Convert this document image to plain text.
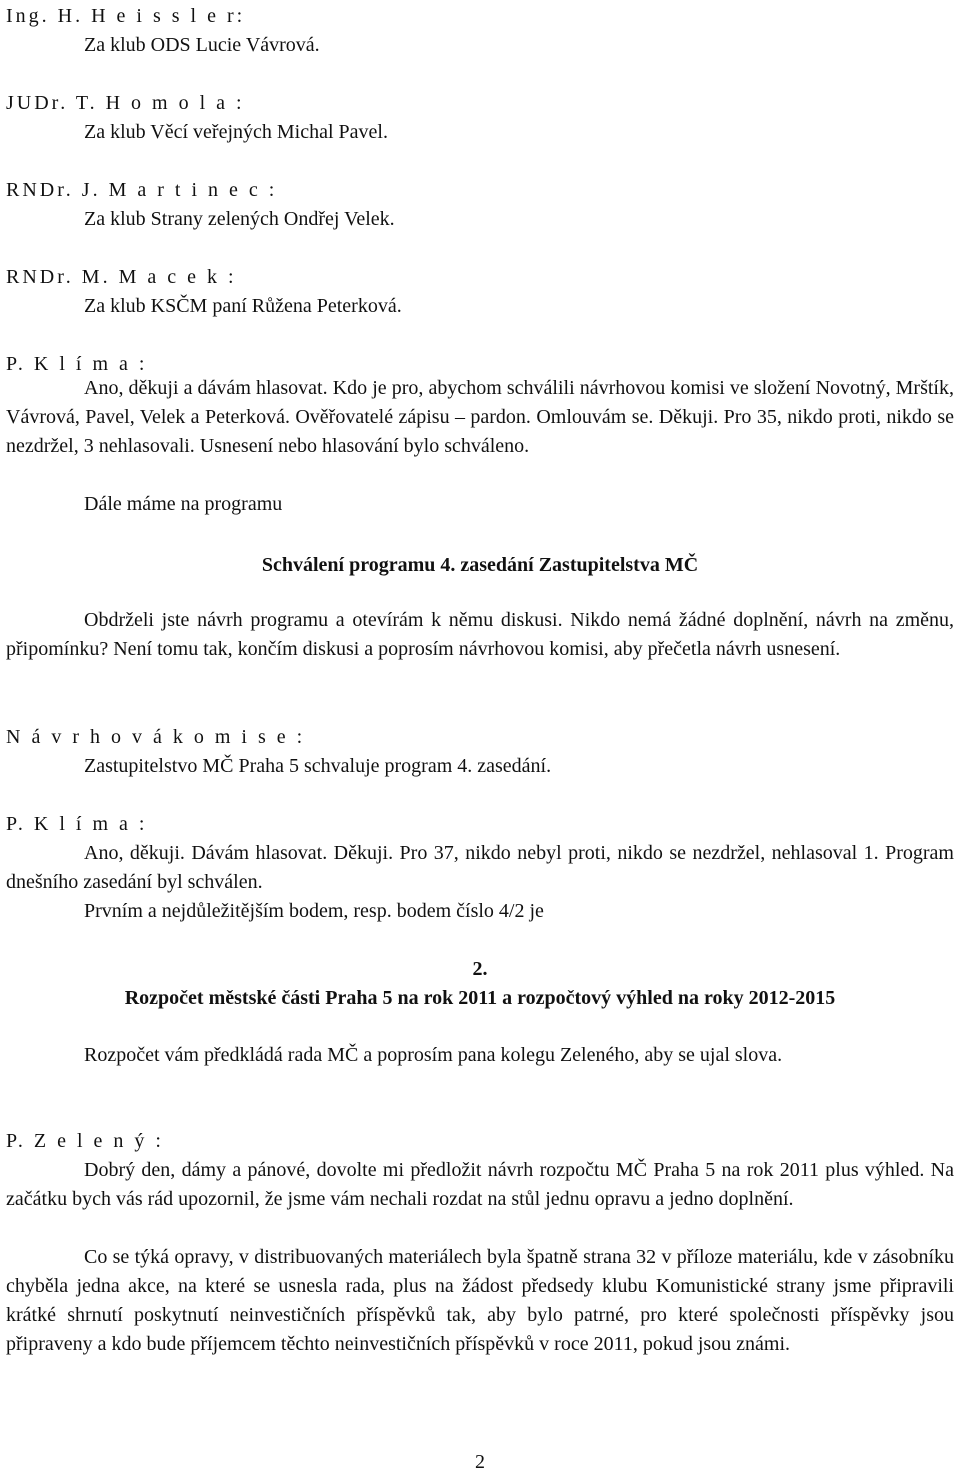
Ing. H. H e i s s l e r:
Za klub ODS Lucie Vávrová.
JUDr. T. H o m o l a :
Za klub Věcí veřejných Michal Pavel.
RNDr. J. M a r t i n e c :
Za klub Strany zelených Ondřej Velek.
RNDr. M. M a c e k :
Za klub KSČM paní Růžena Peterková.
P. K l í m a :
Ano, děkuji a dávám hlasovat. Kdo je pro, abychom schválili návrhovou komisi ve složení Novotný, Mrštík, Vávrová, Pavel, Velek a Peterková. Ověřovatelé zápisu – pardon. Omlouvám se. Děkuji. Pro 35, nikdo proti, nikdo se nezdržel, 3 nehlasovali. Usnesení nebo hlasování bylo schváleno.
Dále máme na programu
Schválení programu 4. zasedání Zastupitelstva MČ
Obdrželi jste návrh programu a otevírám k němu diskusi. Nikdo nemá žádné doplnění, návrh na změnu, připomínku? Není tomu tak, končím diskusi a poprosím návrhovou komisi, aby přečetla návrh usnesení.
N á v r h o v á k o m i s e :
Zastupitelstvo MČ Praha 5 schvaluje program 4. zasedání.
P. K l í m a :
Ano, děkuji. Dávám hlasovat. Děkuji. Pro 37, nikdo nebyl proti, nikdo se nezdržel, nehlasoval 1. Program dnešního zasedání byl schválen.
Prvním a nejdůležitějším bodem, resp. bodem číslo 4/2 je
2.
Rozpočet městské části Praha 5 na rok 2011 a rozpočtový výhled na roky 2012-2015
Rozpočet vám předkládá rada MČ a poprosím pana kolegu Zeleného, aby se ujal slova.
P. Z e l e n ý :
Dobrý den, dámy a pánové, dovolte mi předložit návrh rozpočtu MČ Praha 5 na rok 2011 plus výhled. Na začátku bych vás rád upozornil, že jsme vám nechali rozdat na stůl jednu opravu a jedno doplnění.
Co se týká opravy, v distribuovaných materiálech byla špatně strana 32 v příloze materiálu, kde v zásobníku chyběla jedna akce, na které se usnesla rada, plus na žádost předsedy klubu Komunistické strany jsme připravili krátké shrnutí poskytnutí neinvestičních příspěvků tak, aby bylo patrné, pro které společnosti příspěvky jsou připraveny a kdo bude příjemcem těchto neinvestičních příspěvků v roce 2011, pokud jsou známi.
2
